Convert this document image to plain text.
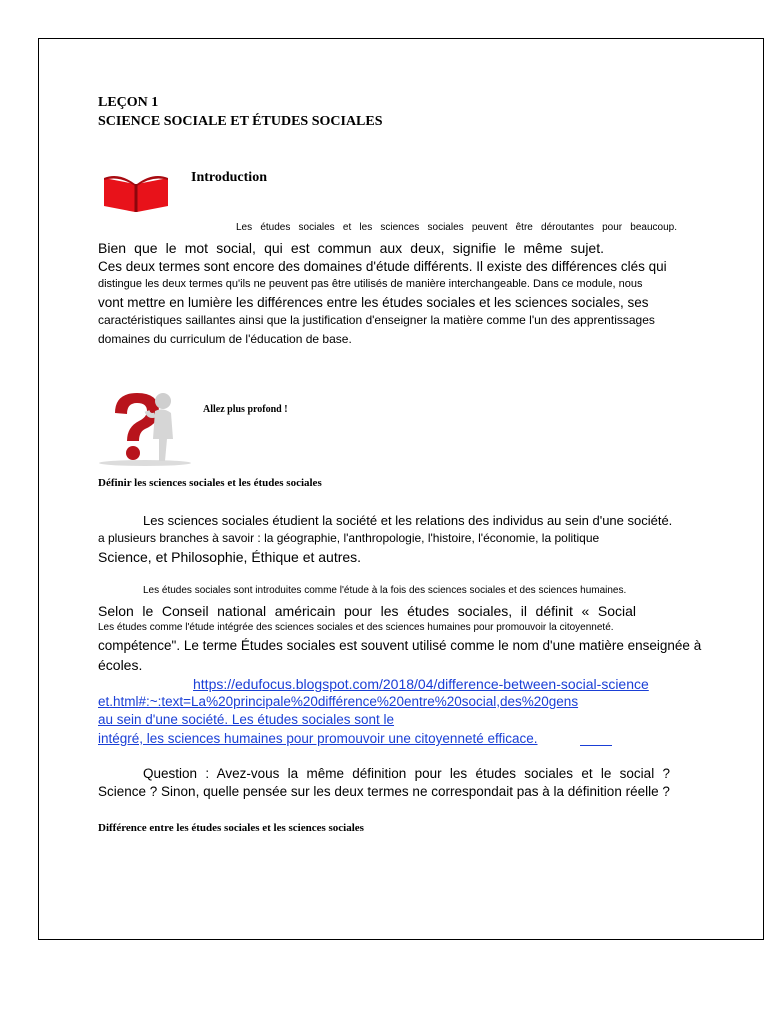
LEÇON 1
SCIENCE SOCIALE ET ÉTUDES SOCIALES
Introduction
Les études sociales et les sciences sociales peuvent être déroutantes pour beaucoup.
Bien que le mot social, qui est commun aux deux, signifie le même sujet.
Ces deux termes sont encore des domaines d'étude différents. Il existe des différences clés qui
distingue les deux termes qu'ils ne peuvent pas être utilisés de manière interchangeable. Dans ce module, nous
vont mettre en lumière les différences entre les études sociales et les sciences sociales, ses
caractéristiques saillantes ainsi que la justification d'enseigner la matière comme l'un des apprentissages
domaines du curriculum de l'éducation de base.
Allez plus profond !
Définir les sciences sociales et les études sociales
Les sciences sociales étudient la société et les relations des individus au sein d'une société.
a plusieurs branches à savoir : la géographie, l'anthropologie, l'histoire, l'économie, la politique
Science, et Philosophie, Éthique et autres.
Les études sociales sont introduites comme l'étude à la fois des sciences sociales et des sciences humaines.
Selon le Conseil national américain pour les études sociales, il définit « Social
Les études comme l'étude intégrée des sciences sociales et des sciences humaines pour promouvoir la citoyenneté.
compétence". Le terme Études sociales est souvent utilisé comme le nom d'une matière enseignée à
écoles.
https://edufocus.blogspot.com/2018/04/difference-between-social-science
et.html#:~:text=La%20principale%20différence%20entre%20social,des%20gens
au sein d'une société. Les études sociales sont le
intégré, les sciences humaines pour promouvoir une citoyenneté efficace.
Question : Avez-vous la même définition pour les études sociales et le social ?
Science ? Sinon, quelle pensée sur les deux termes ne correspondait pas à la définition réelle ?
Différence entre les études sociales et les sciences sociales
